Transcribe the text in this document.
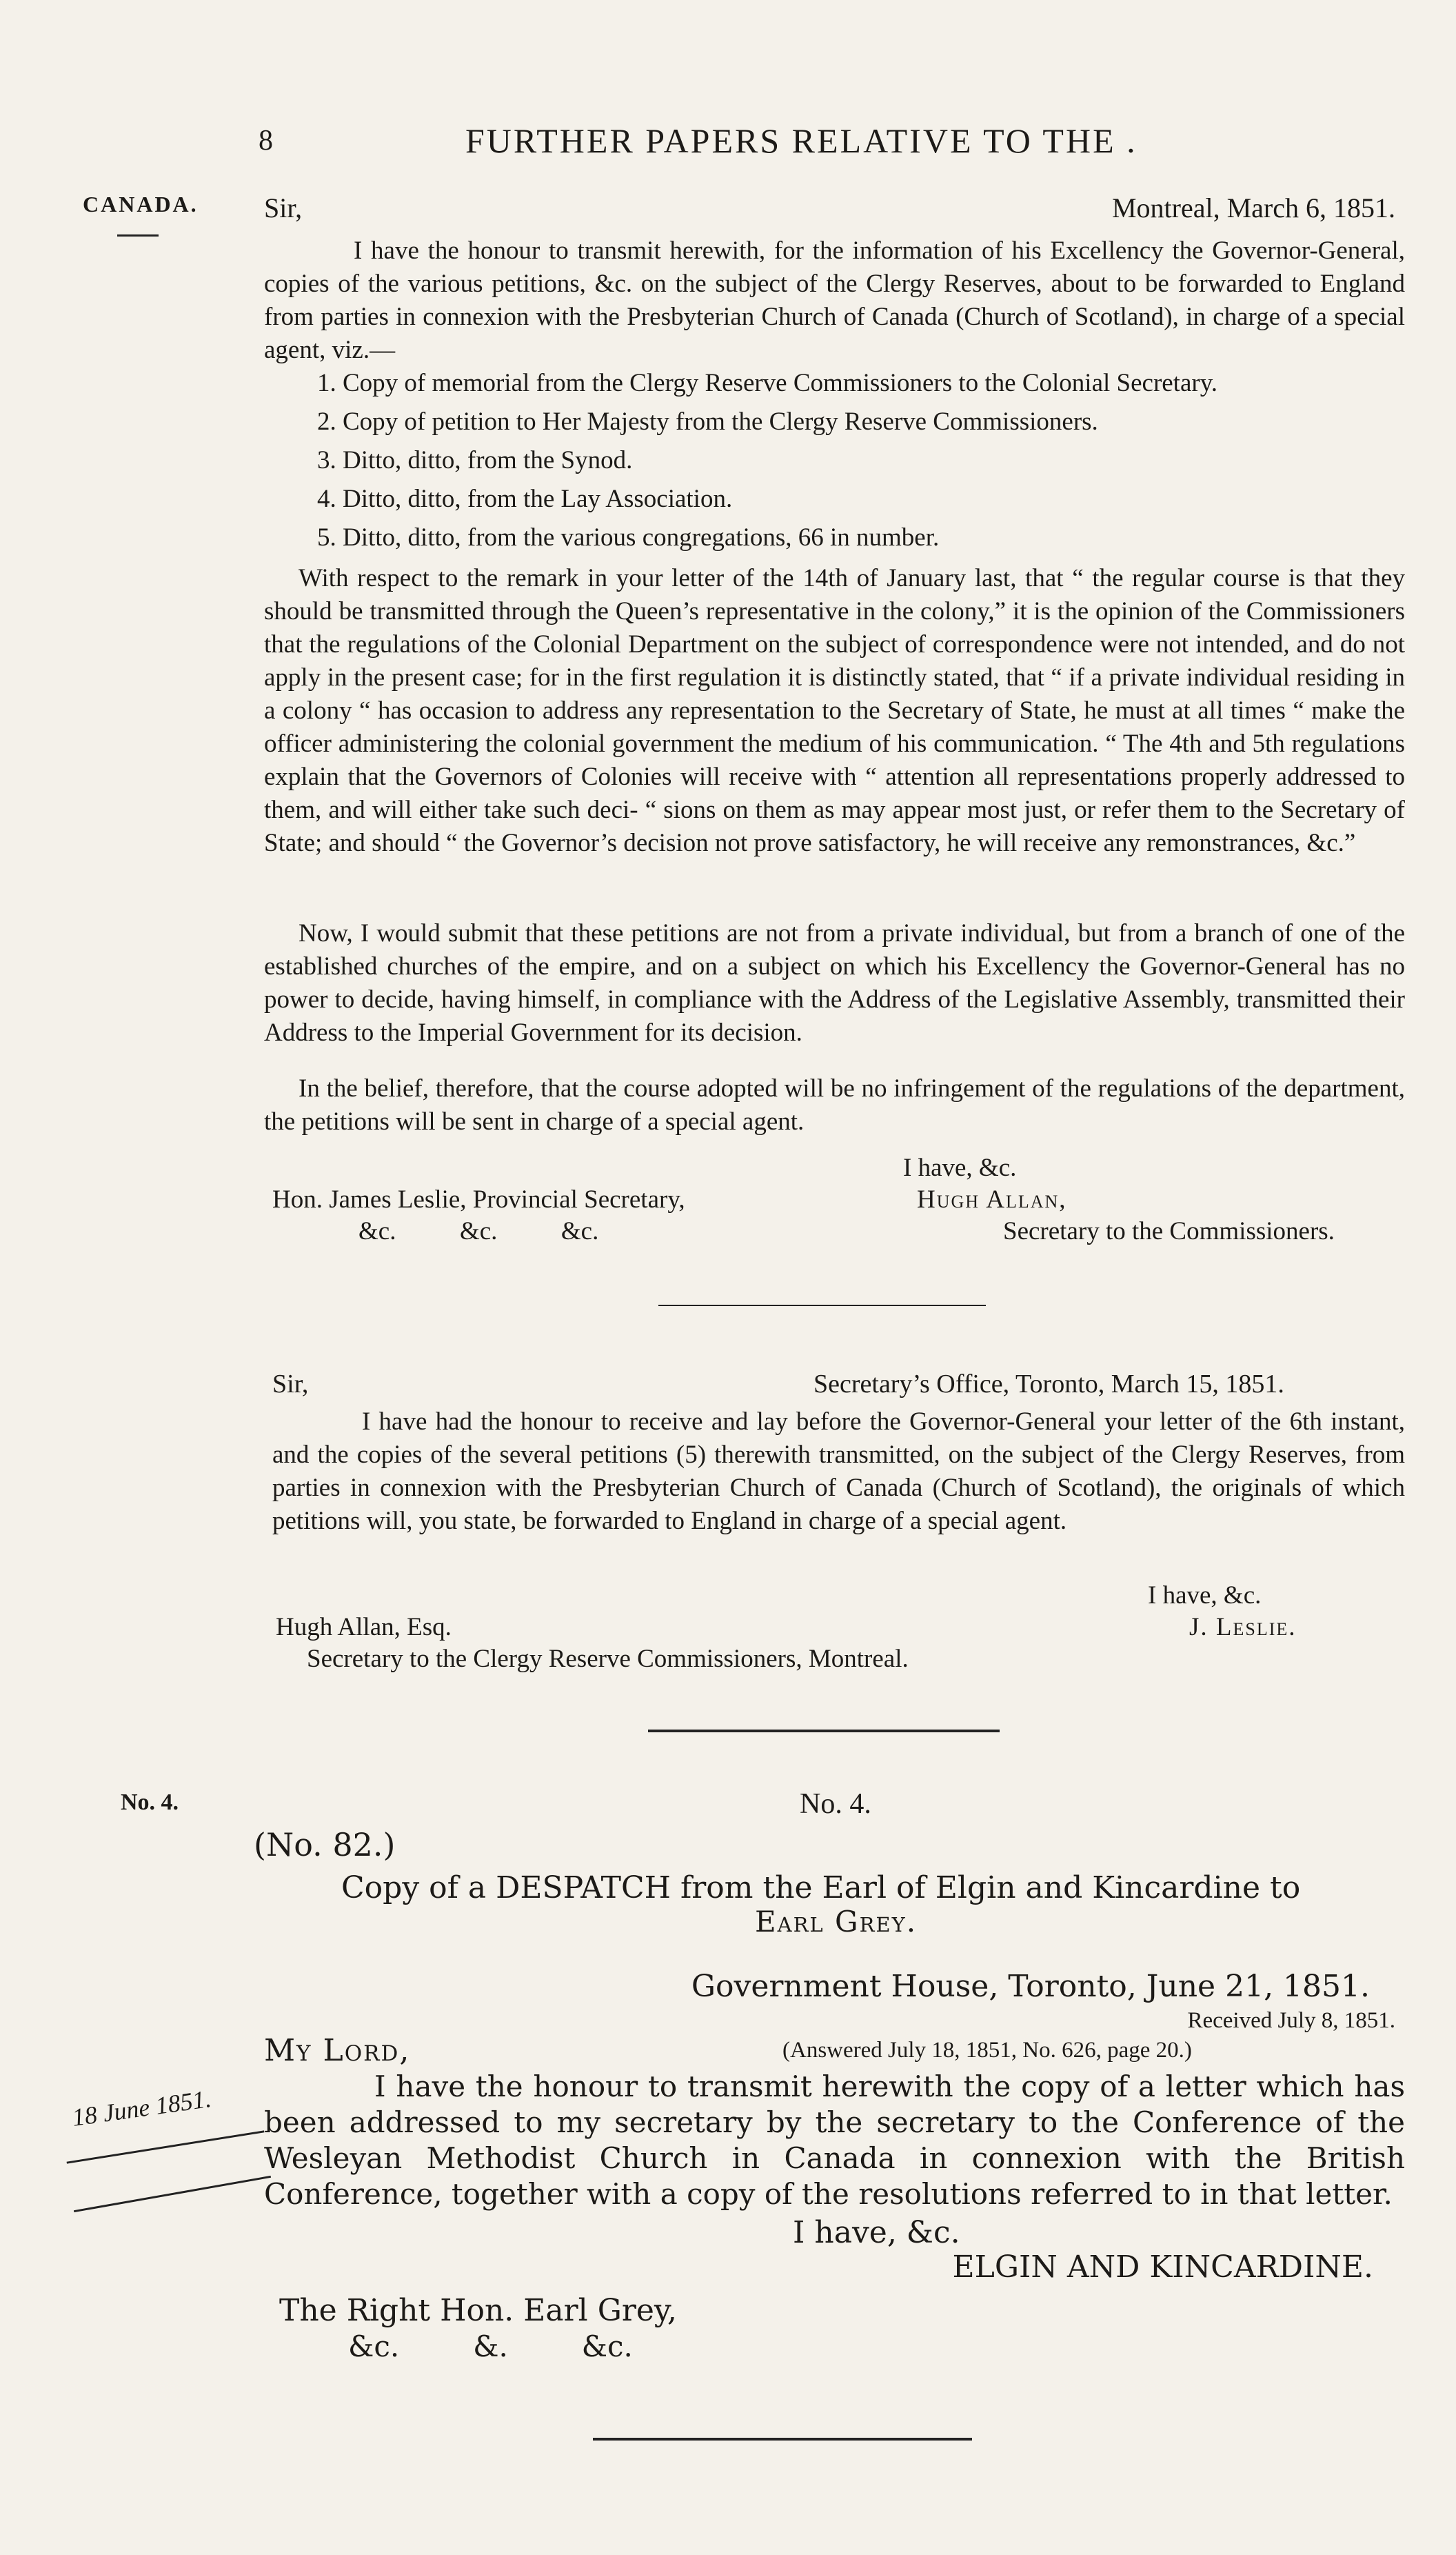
8	FURTHER PAPERS RELATIVE TO THE .
CANADA.
No. 4.
18 June 1851.
Sir,	Montreal, March 6, 1851.
I have the honour to transmit herewith, for the information of his Excellency the Governor-General, copies of the various petitions, &c. on the subject of the Clergy Reserves, about to be forwarded to England from parties in connexion with the Presbyterian Church of Canada (Church of Scotland), in charge of a special agent, viz.—
1. Copy of memorial from the Clergy Reserve Commissioners to the Colonial Secretary.
2. Copy of petition to Her Majesty from the Clergy Reserve Commissioners.
3. Ditto, ditto, from the Synod.
4. Ditto, ditto, from the Lay Association.
5. Ditto, ditto, from the various congregations, 66 in number.
With respect to the remark in your letter of the 14th of January last, that “ the regular course is that they should be transmitted through the Queen’s representative in the colony,” it is the opinion of the Commissioners that the regulations of the Colonial Department on the subject of correspondence were not intended, and do not apply in the present case; for in the first regulation it is distinctly stated, that “ if a private individual residing in a colony “ has occasion to address any representation to the Secretary of State, he must at all times “ make the officer administering the colonial government the medium of his communication. “ The 4th and 5th regulations explain that the Governors of Colonies will receive with “ attention all representations properly addressed to them, and will either take such deci- “ sions on them as may appear most just, or refer them to the Secretary of State; and should “ the Governor’s decision not prove satisfactory, he will receive any remonstrances, &c.”
Now, I would submit that these petitions are not from a private individual, but from a branch of one of the established churches of the empire, and on a subject on which his Excellency the Governor-General has no power to decide, having himself, in compliance with the Address of the Legislative Assembly, transmitted their Address to the Imperial Government for its decision.
In the belief, therefore, that the course adopted will be no infringement of the regulations of the department, the petitions will be sent in charge of a special agent.
I have, &c.
Hon. James Leslie, Provincial Secretary,	Hugh Allan,
&c.          &c.          &c.	Secretary to the Commissioners.
Sir,	Secretary’s Office, Toronto, March 15, 1851.
I have had the honour to receive and lay before the Governor-General your letter of the 6th instant, and the copies of the several petitions (5) therewith transmitted, on the subject of the Clergy Reserves, from parties in connexion with the Presbyterian Church of Canada (Church of Scotland), the originals of which petitions will, you state, be forwarded to England in charge of a special agent.
I have, &c.
Hugh Allan, Esq.	J. Leslie.
Secretary to the Clergy Reserve Commissioners, Montreal.
No. 4.
(No. 82.)
Copy of a DESPATCH from the Earl of Elgin and Kincardine to
Earl Grey.
Government House, Toronto, June 21, 1851.
Received July 8, 1851.
My Lord,	(Answered July 18, 1851, No. 626, page 20.)
I have the honour to transmit herewith the copy of a letter which has been addressed to my secretary by the secretary to the Conference of the Wesleyan Methodist Church in Canada in connexion with the British Conference, together with a copy of the resolutions referred to in that letter.
I have, &c.
ELGIN AND KINCARDINE.
The Right Hon. Earl Grey,
&c.        &.        &c.
